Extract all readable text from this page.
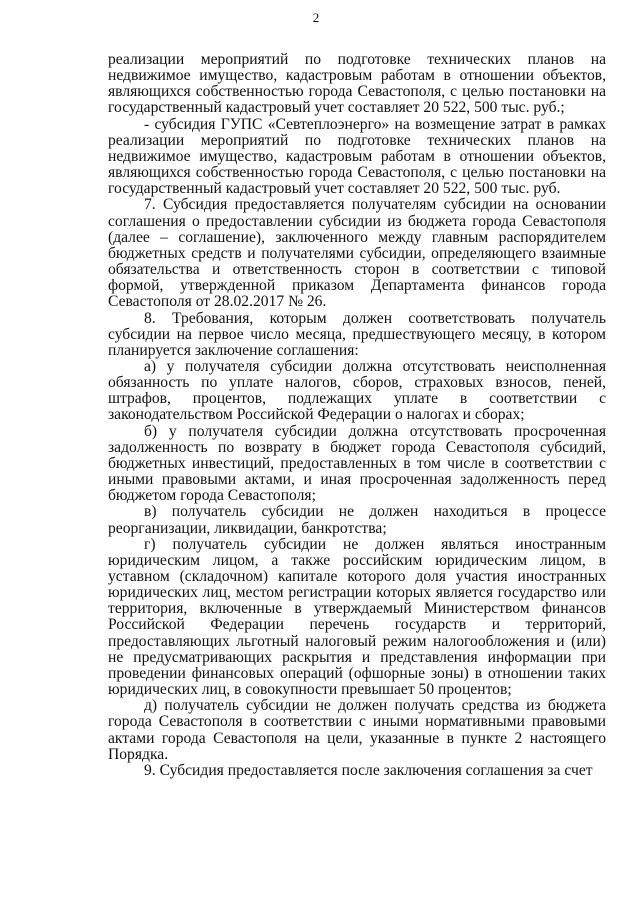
2

реализации мероприятий по подготовке технических планов на недвижимое имущество, кадастровым работам в отношении объектов, являющихся собственностью города Севастополя, с целью постановки на государственный кадастровый учет составляет 20 522, 500 тыс. руб.;

- субсидия ГУПС «Севтеплоэнерго» на возмещение затрат в рамках реализации мероприятий по подготовке технических планов на недвижимое имущество, кадастровым работам в отношении объектов, являющихся собственностью города Севастополя, с целью постановки на государственный кадастровый учет составляет 20 522, 500 тыс. руб.

7. Субсидия предоставляется получателям субсидии на основании соглашения о предоставлении субсидии из бюджета города Севастополя (далее – соглашение), заключенного между главным распорядителем бюджетных средств и получателями субсидии, определяющего взаимные обязательства и ответственность сторон в соответствии с типовой формой, утвержденной приказом Департамента финансов города Севастополя от 28.02.2017 № 26.

8. Требования, которым должен соответствовать получатель субсидии на первое число месяца, предшествующего месяцу, в котором планируется заключение соглашения:

а) у получателя субсидии должна отсутствовать неисполненная обязанность по уплате налогов, сборов, страховых взносов, пеней, штрафов, процентов, подлежащих уплате в соответствии с законодательством Российской Федерации о налогах и сборах;

б) у получателя субсидии должна отсутствовать просроченная задолженность по возврату в бюджет города Севастополя субсидий, бюджетных инвестиций, предоставленных в том числе в соответствии с иными правовыми актами, и иная просроченная задолженность перед бюджетом города Севастополя;

в) получатель субсидии не должен находиться в процессе реорганизации, ликвидации, банкротства;

г) получатель субсидии не должен являться иностранным юридическим лицом, а также российским юридическим лицом, в уставном (складочном) капитале которого доля участия иностранных юридических лиц, местом регистрации которых является государство или территория, включенные в утверждаемый Министерством финансов Российской Федерации перечень государств и территорий, предоставляющих льготный налоговый режим налогообложения и (или) не предусматривающих раскрытия и представления информации при проведении финансовых операций (офшорные зоны) в отношении таких юридических лиц, в совокупности превышает 50 процентов;

д) получатель субсидии не должен получать средства из бюджета города Севастополя в соответствии с иными нормативными правовыми актами города Севастополя на цели, указанные в пункте 2 настоящего Порядка.

9. Субсидия предоставляется после заключения соглашения за счет
